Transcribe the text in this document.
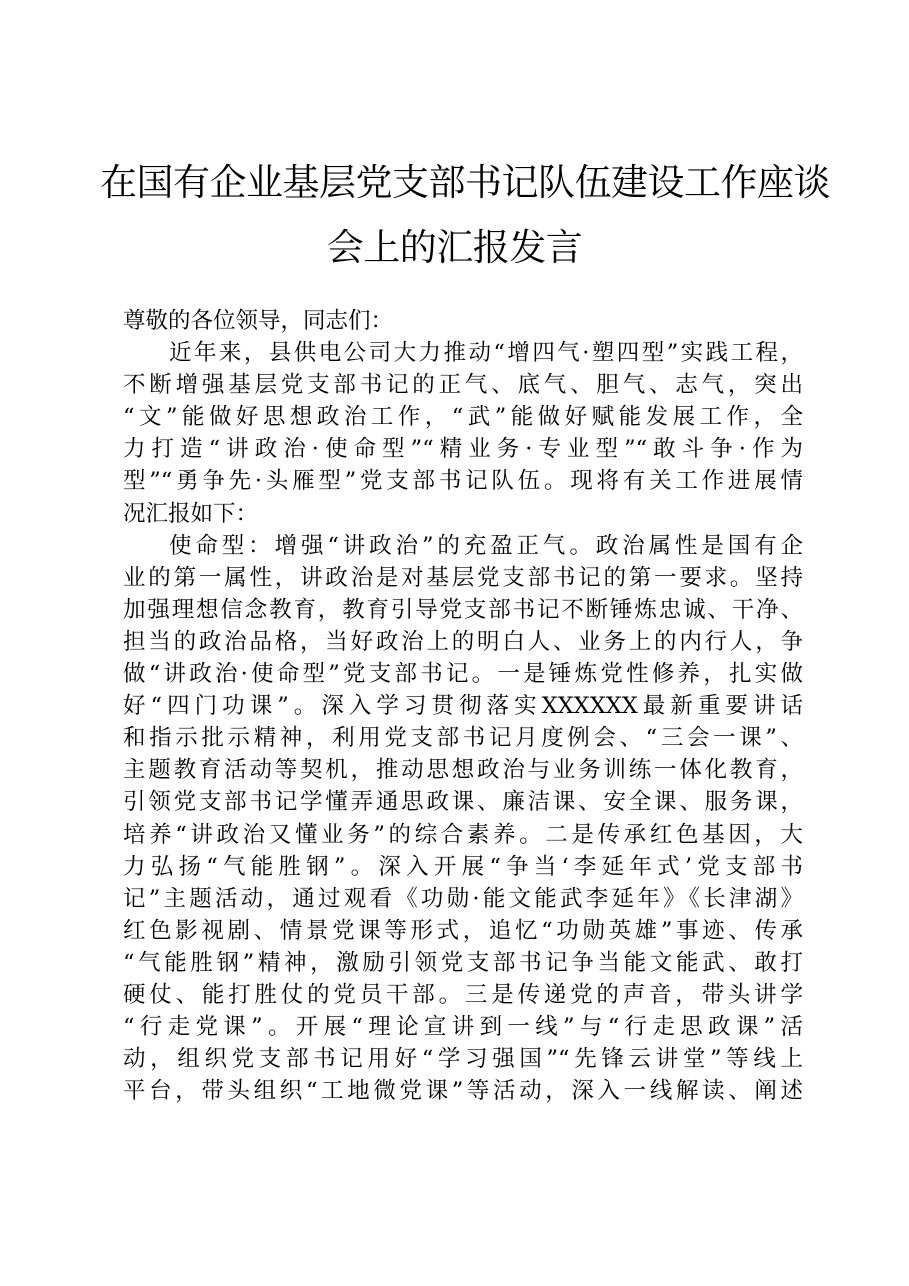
在国有企业基层党支部书记队伍建设工作座谈
会上的汇报发言
尊敬的各位领导，同志们：
近年来，县供电公司大力推动“增四气·塑四型”实践工程，
不断增强基层党支部书记的正气、底气、胆气、志气，突出
“文”能做好思想政治工作，“武”能做好赋能发展工作，全
力打造“讲政治·使命型”“精业务·专业型”“敢斗争·作为
型”“勇争先·头雁型”党支部书记队伍。现将有关工作进展情
况汇报如下：
使命型：增强“讲政治”的充盈正气。政治属性是国有企
业的第一属性，讲政治是对基层党支部书记的第一要求。坚持
加强理想信念教育，教育引导党支部书记不断锤炼忠诚、干净、
担当的政治品格，当好政治上的明白人、业务上的内行人，争
做“讲政治·使命型”党支部书记。一是锤炼党性修养，扎实做
好“四门功课”。深入学习贯彻落实XXXXXX最新重要讲话
和指示批示精神，利用党支部书记月度例会、“三会一课”、
主题教育活动等契机，推动思想政治与业务训练一体化教育，
引领党支部书记学懂弄通思政课、廉洁课、安全课、服务课，
培养“讲政治又懂业务”的综合素养。二是传承红色基因，大
力弘扬“气能胜钢”。深入开展“争当‘李延年式’党支部书
记”主题活动，通过观看《功勋·能文能武李延年》《长津湖》
红色影视剧、情景党课等形式，追忆“功勋英雄”事迹、传承
“气能胜钢”精神，激励引领党支部书记争当能文能武、敢打
硬仗、能打胜仗的党员干部。三是传递党的声音，带头讲学
“行走党课”。开展“理论宣讲到一线”与“行走思政课”活
动，组织党支部书记用好“学习强国”“先锋云讲堂”等线上
平台，带头组织“工地微党课”等活动，深入一线解读、阐述
